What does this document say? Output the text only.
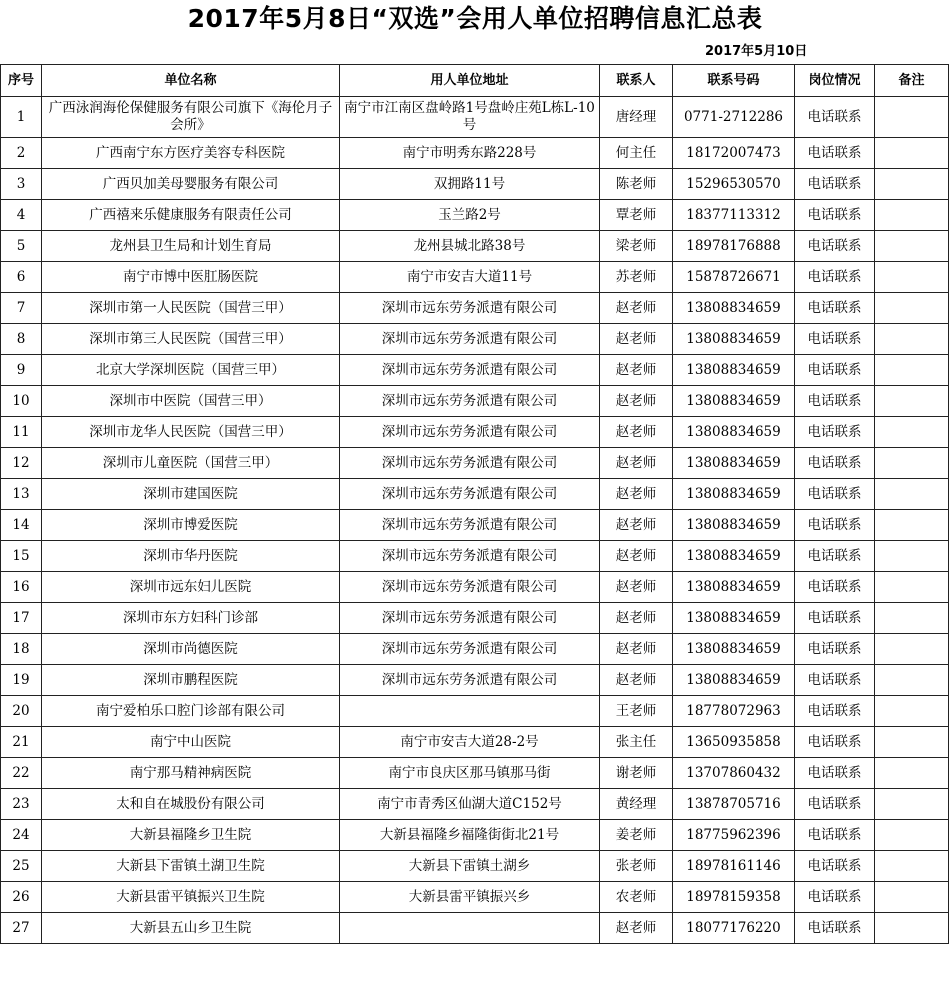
2017年5月8日“双选”会用人单位招聘信息汇总表
2017年5月10日
序号	单位名称	用人单位地址	联系人	联系号码	岗位情况	备注
1	广西泳润海伦保健服务有限公司旗下《海伦月子会所》	南宁市江南区盘岭路1号盘岭庄苑L栋L-10号	唐经理	0771-2712286	电话联系	
2	广西南宁东方医疗美容专科医院	南宁市明秀东路228号	何主任	18172007473	电话联系	
3	广西贝加美母婴服务有限公司	双拥路11号	陈老师	15296530570	电话联系	
4	广西禧来乐健康服务有限责任公司	玉兰路2号	覃老师	18377113312	电话联系	
5	龙州县卫生局和计划生育局	龙州县城北路38号	梁老师	18978176888	电话联系	
6	南宁市博中医肛肠医院	南宁市安吉大道11号	苏老师	15878726671	电话联系	
7	深圳市第一人民医院（国营三甲）	深圳市远东劳务派遣有限公司	赵老师	13808834659	电话联系	
8	深圳市第三人民医院（国营三甲）	深圳市远东劳务派遣有限公司	赵老师	13808834659	电话联系	
9	北京大学深圳医院（国营三甲）	深圳市远东劳务派遣有限公司	赵老师	13808834659	电话联系	
10	深圳市中医院（国营三甲）	深圳市远东劳务派遣有限公司	赵老师	13808834659	电话联系	
11	深圳市龙华人民医院（国营三甲）	深圳市远东劳务派遣有限公司	赵老师	13808834659	电话联系	
12	深圳市儿童医院（国营三甲）	深圳市远东劳务派遣有限公司	赵老师	13808834659	电话联系	
13	深圳市建国医院	深圳市远东劳务派遣有限公司	赵老师	13808834659	电话联系	
14	深圳市博爱医院	深圳市远东劳务派遣有限公司	赵老师	13808834659	电话联系	
15	深圳市华丹医院	深圳市远东劳务派遣有限公司	赵老师	13808834659	电话联系	
16	深圳市远东妇儿医院	深圳市远东劳务派遣有限公司	赵老师	13808834659	电话联系	
17	深圳市东方妇科门诊部	深圳市远东劳务派遣有限公司	赵老师	13808834659	电话联系	
18	深圳市尚德医院	深圳市远东劳务派遣有限公司	赵老师	13808834659	电话联系	
19	深圳市鹏程医院	深圳市远东劳务派遣有限公司	赵老师	13808834659	电话联系	
20	南宁爱柏乐口腔门诊部有限公司		王老师	18778072963	电话联系	
21	南宁中山医院	南宁市安吉大道28-2号	张主任	13650935858	电话联系	
22	南宁那马精神病医院	南宁市良庆区那马镇那马街	谢老师	13707860432	电话联系	
23	太和自在城股份有限公司	南宁市青秀区仙湖大道C152号	黄经理	13878705716	电话联系	
24	大新县福隆乡卫生院	大新县福隆乡福隆街街北21号	姜老师	18775962396	电话联系	
25	大新县下雷镇土湖卫生院	大新县下雷镇土湖乡	张老师	18978161146	电话联系	
26	大新县雷平镇振兴卫生院	大新县雷平镇振兴乡	农老师	18978159358	电话联系	
27	大新县五山乡卫生院		赵老师	18077176220	电话联系	
